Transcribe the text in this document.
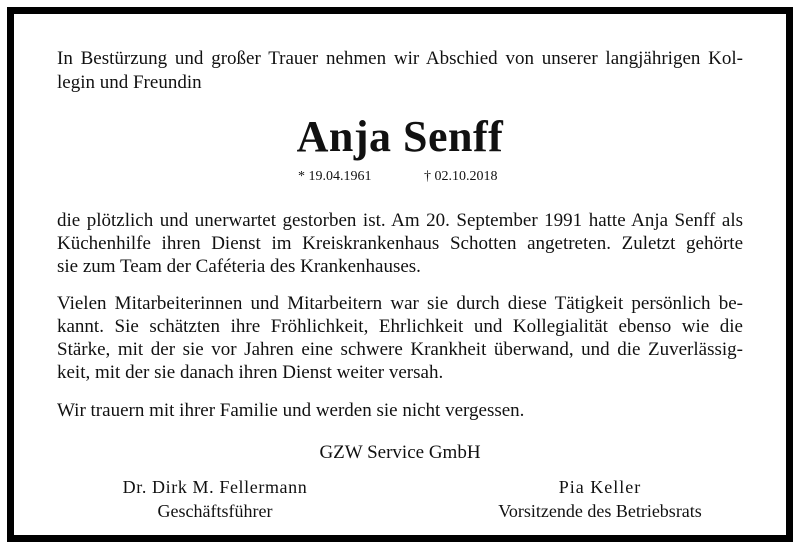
In Bestürzung und großer Trauer nehmen wir Abschied von unserer langjährigen Kol-
legin und Freundin
Anja Senff
* 19.04.1961	† 02.10.2018
die plötzlich und unerwartet gestorben ist. Am 20. September 1991 hatte Anja Senff als
Küchenhilfe ihren Dienst im Kreiskrankenhaus Schotten angetreten. Zuletzt gehörte
sie zum Team der Caféteria des Krankenhauses.
Vielen Mitarbeiterinnen und Mitarbeitern war sie durch diese Tätigkeit persönlich be-
kannt. Sie schätzten ihre Fröhlichkeit, Ehrlichkeit und Kollegialität ebenso wie die
Stärke, mit der sie vor Jahren eine schwere Krankheit überwand, und die Zuverlässig-
keit, mit der sie danach ihren Dienst weiter versah.
Wir trauern mit ihrer Familie und werden sie nicht vergessen.
GZW Service GmbH
Dr. Dirk M. Fellermann
Geschäftsführer
Pia Keller
Vorsitzende des Betriebsrats
